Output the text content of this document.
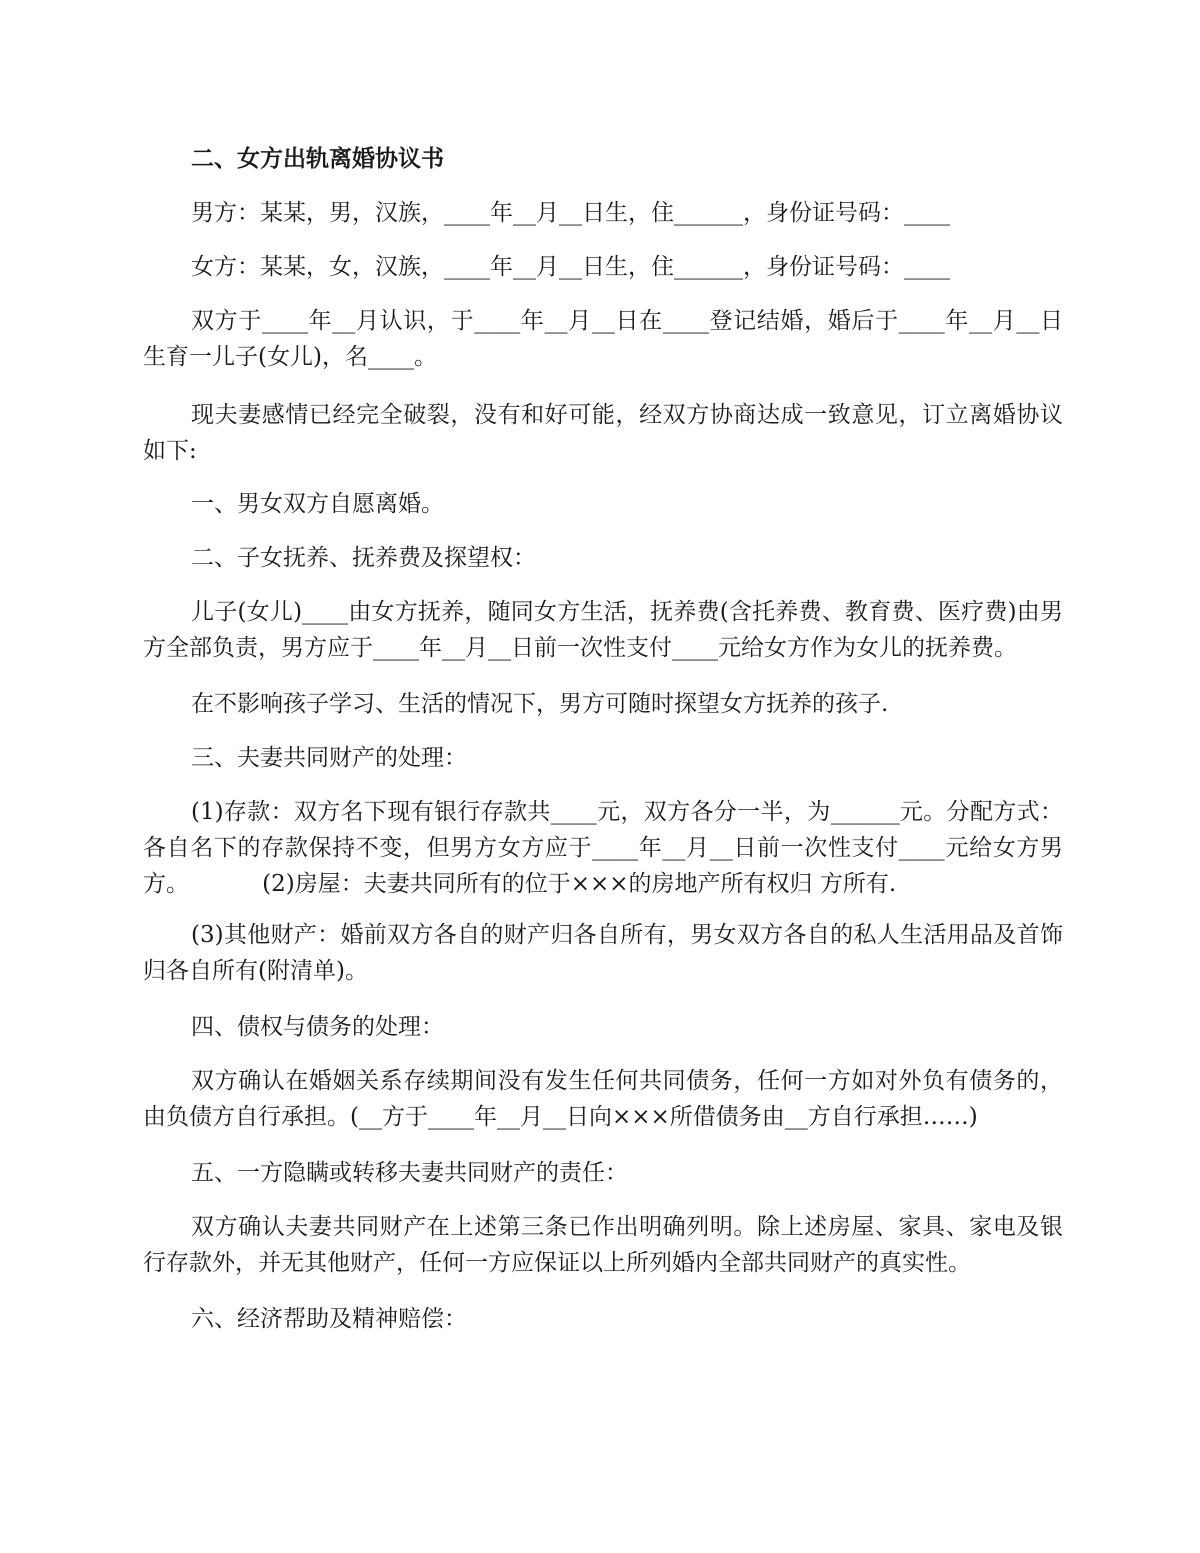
二、女方出轨离婚协议书

男方：某某，男，汉族，____年__月__日生，住______，身份证号码：____

女方：某某，女，汉族，____年__月__日生，住______，身份证号码：____

双方于____年__月认识，于____年__月__日在____登记结婚，婚后于____年__月__日生育一儿子(女儿)，名____。

现夫妻感情已经完全破裂，没有和好可能，经双方协商达成一致意见，订立离婚协议如下:

一、男女双方自愿离婚。

二、子女抚养、抚养费及探望权：

儿子(女儿)____由女方抚养，随同女方生活，抚养费(含托养费、教育费、医疗费)由男方全部负责，男方应于____年__月__日前一次性支付____元给女方作为女儿的抚养费。

在不影响孩子学习、生活的情况下，男方可随时探望女方抚养的孩子.

三、夫妻共同财产的处理：

(1)存款：双方名下现有银行存款共____元，双方各分一半，为______元。分配方式：各自名下的存款保持不变，但男方女方应于____年__月__日前一次性支付____元给女方男方。          (2)房屋：夫妻共同所有的位于×××的房地产所有权归 方所有.

(3)其他财产：婚前双方各自的财产归各自所有，男女双方各自的私人生活用品及首饰归各自所有(附清单)。

四、债权与债务的处理：

双方确认在婚姻关系存续期间没有发生任何共同债务，任何一方如对外负有债务的，由负债方自行承担。(__方于____年__月__日向×××所借债务由__方自行承担……)

五、一方隐瞒或转移夫妻共同财产的责任：

双方确认夫妻共同财产在上述第三条已作出明确列明。除上述房屋、家具、家电及银行存款外，并无其他财产，任何一方应保证以上所列婚内全部共同财产的真实性。

六、经济帮助及精神赔偿：
